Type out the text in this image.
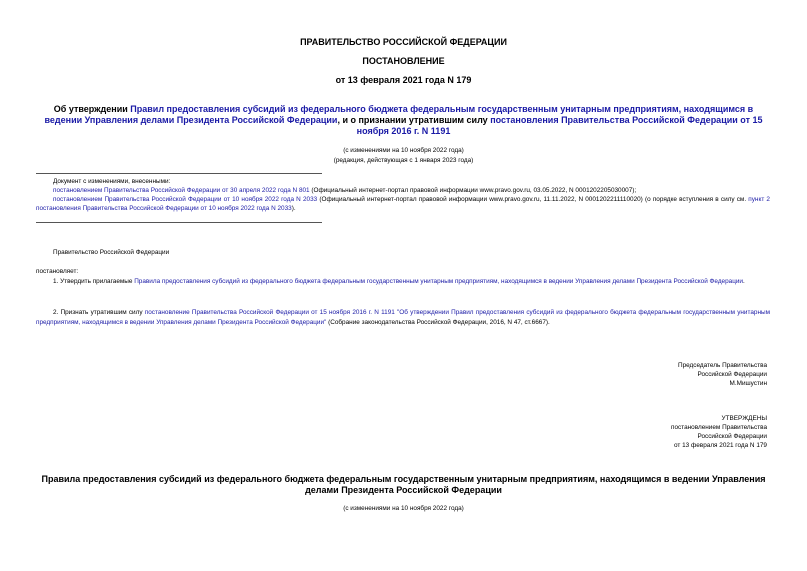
ПРАВИТЕЛЬСТВО РОССИЙСКОЙ ФЕДЕРАЦИИ
ПОСТАНОВЛЕНИЕ
от 13 февраля 2021 года N 179
Об утверждении Правил предоставления субсидий из федерального бюджета федеральным государственным унитарным предприятиям, находящимся в ведении Управления делами Президента Российской Федерации, и о признании утратившим силу постановления Правительства Российской Федерации от 15 ноября 2016 г. N 1191
(с изменениями на 10 ноября 2022 года)
(редакция, действующая с 1 января 2023 года)
Документ с изменениями, внесенными:
постановлением Правительства Российской Федерации от 30 апреля 2022 года N 801 (Официальный интернет-портал правовой информации www.pravo.gov.ru, 03.05.2022, N 0001202205030007);
постановлением Правительства Российской Федерации от 10 ноября 2022 года N 2033 (Официальный интернет-портал правовой информации www.pravo.gov.ru, 11.11.2022, N 0001202211110020) (о порядке вступления в силу см. пункт 2 постановления Правительства Российской Федерации от 10 ноября 2022 года N 2033).
Правительство Российской Федерации
постановляет:
1. Утвердить прилагаемые Правила предоставления субсидий из федерального бюджета федеральным государственным унитарным предприятиям, находящимся в ведении Управления делами Президента Российской Федерации.
2. Признать утратившим силу постановление Правительства Российской Федерации от 15 ноября 2016 г. N 1191 "Об утверждении Правил предоставления субсидий из федерального бюджета федеральным государственным унитарным предприятиям, находящимся в ведении Управления делами Президента Российской Федерации" (Собрание законодательства Российской Федерации, 2016, N 47, ст.6667).
Председатель Правительства
Российской Федерации
М.Мишустин
УТВЕРЖДЕНЫ
постановлением Правительства
Российской Федерации
от 13 февраля 2021 года N 179
Правила предоставления субсидий из федерального бюджета федеральным государственным унитарным предприятиям, находящимся в ведении Управления делами Президента Российской Федерации
(с изменениями на 10 ноября 2022 года)
